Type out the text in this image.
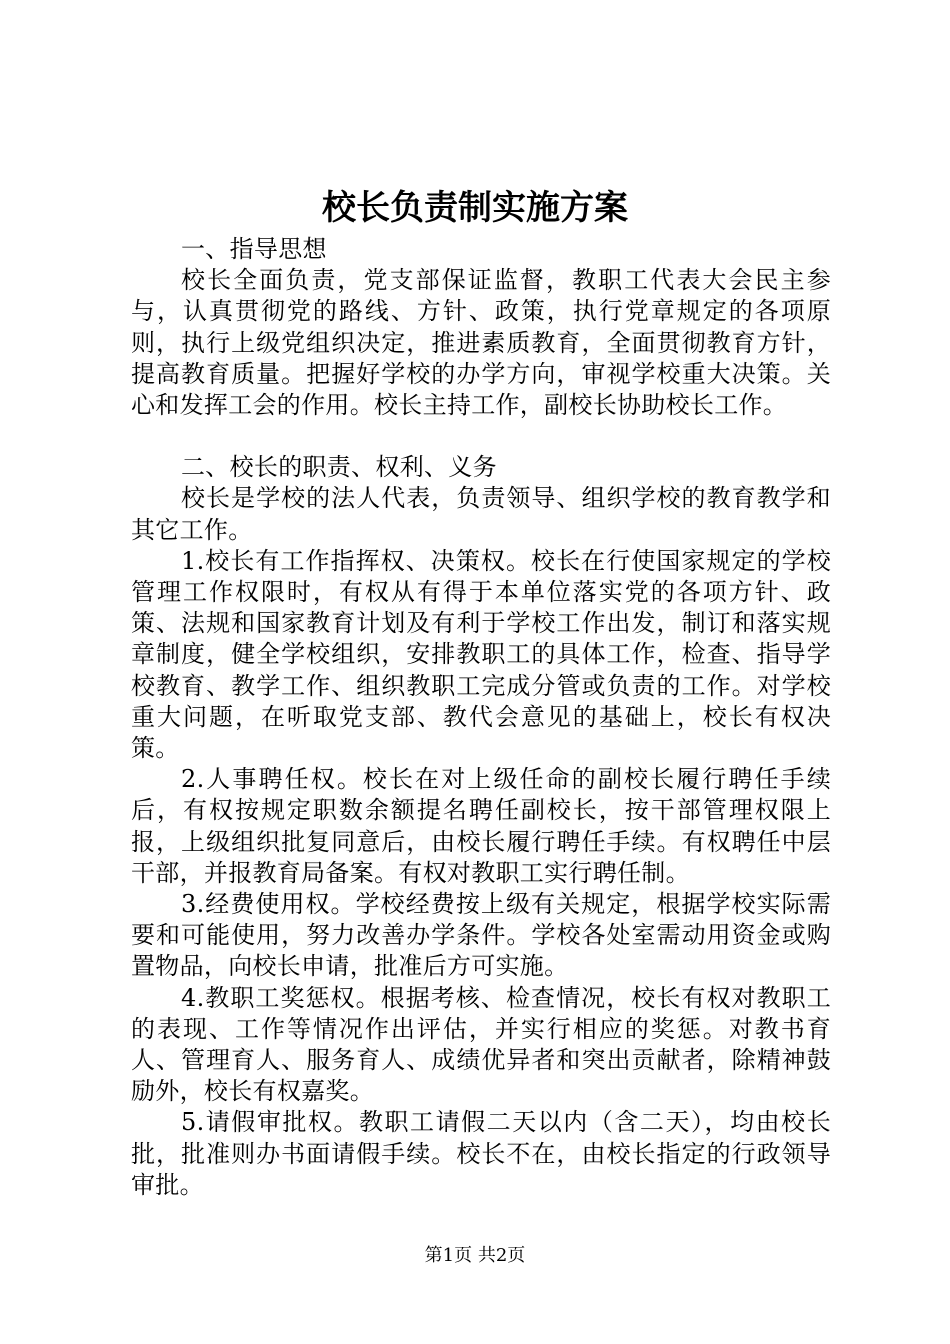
校长负责制实施方案

一、指导思想

校长全面负责，党支部保证监督，教职工代表大会民主参与，认真贯彻党的路线、方针、政策，执行党章规定的各项原则，执行上级党组织决定，推进素质教育，全面贯彻教育方针，提高教育质量。把握好学校的办学方向，审视学校重大决策。关心和发挥工会的作用。校长主持工作，副校长协助校长工作。

二、校长的职责、权利、义务

校长是学校的法人代表，负责领导、组织学校的教育教学和其它工作。

1.校长有工作指挥权、决策权。校长在行使国家规定的学校管理工作权限时，有权从有得于本单位落实党的各项方针、政策、法规和国家教育计划及有利于学校工作出发，制订和落实规章制度，健全学校组织，安排教职工的具体工作，检查、指导学校教育、教学工作、组织教职工完成分管或负责的工作。对学校重大问题，在听取党支部、教代会意见的基础上，校长有权决策。

2.人事聘任权。校长在对上级任命的副校长履行聘任手续后，有权按规定职数余额提名聘任副校长，按干部管理权限上报，上级组织批复同意后，由校长履行聘任手续。有权聘任中层干部，并报教育局备案。有权对教职工实行聘任制。

3.经费使用权。学校经费按上级有关规定，根据学校实际需要和可能使用，努力改善办学条件。学校各处室需动用资金或购置物品，向校长申请，批准后方可实施。

4.教职工奖惩权。根据考核、检查情况，校长有权对教职工的表现、工作等情况作出评估，并实行相应的奖惩。对教书育人、管理育人、服务育人、成绩优异者和突出贡献者，除精神鼓励外，校长有权嘉奖。

5.请假审批权。教职工请假二天以内（含二天），均由校长批，批准则办书面请假手续。校长不在，由校长指定的行政领导审批。

第1页 共2页
